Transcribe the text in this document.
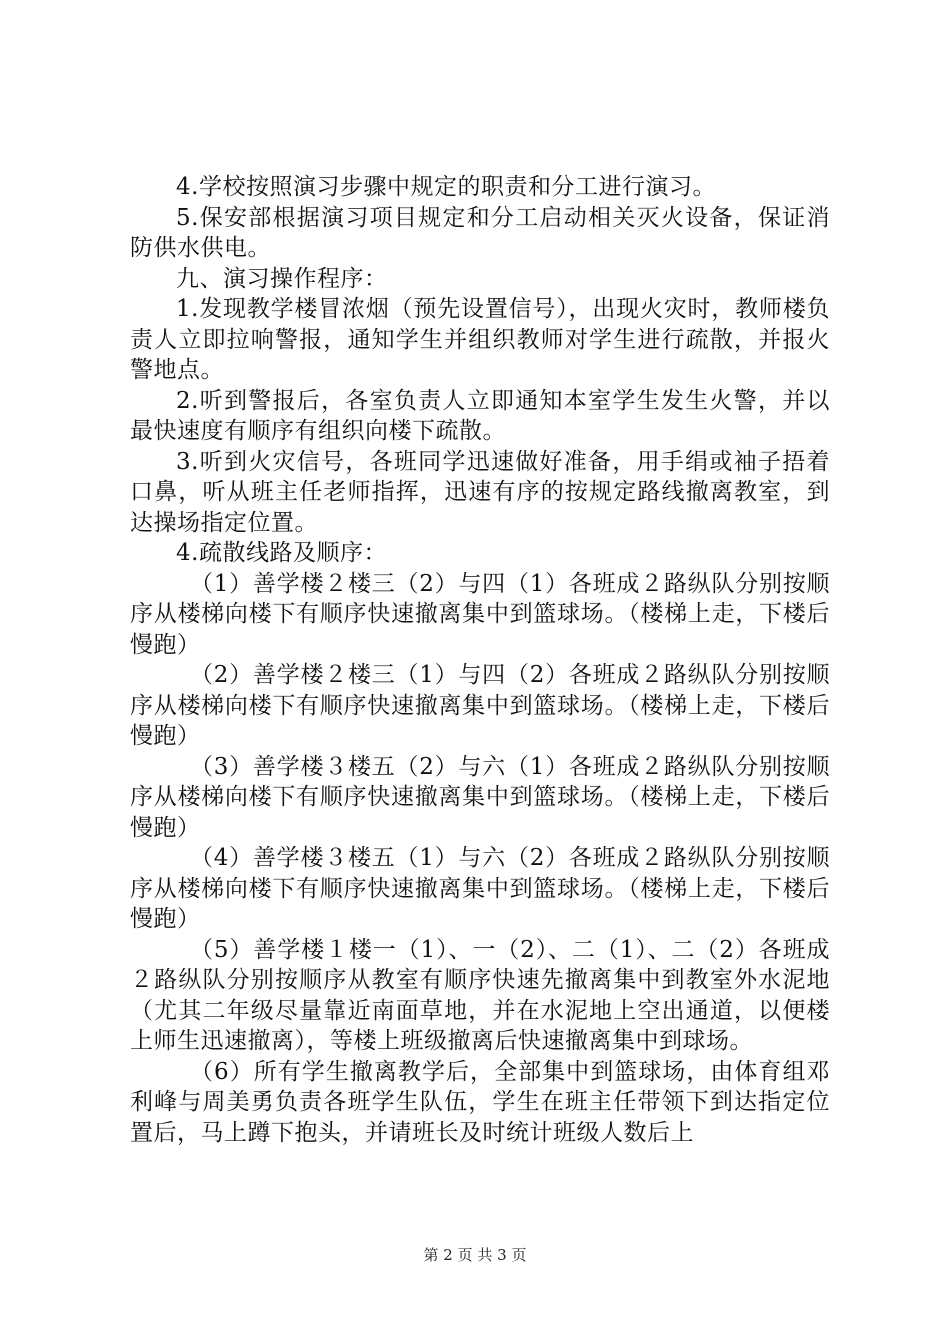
4.学校按照演习步骤中规定的职责和分工进行演习。

5.保安部根据演习项目规定和分工启动相关灭火设备，保证消防供水供电。

九、演习操作程序：

1.发现教学楼冒浓烟（预先设置信号），出现火灾时，教师楼负责人立即拉响警报，通知学生并组织教师对学生进行疏散，并报火警地点。

2.听到警报后，各室负责人立即通知本室学生发生火警，并以最快速度有顺序有组织向楼下疏散。

3.听到火灾信号，各班同学迅速做好准备，用手绢或袖子捂着口鼻，听从班主任老师指挥，迅速有序的按规定路线撤离教室，到达操场指定位置。

4.疏散线路及顺序：

（1）善学楼２楼三（2）与四（1）各班成２路纵队分别按顺序从楼梯向楼下有顺序快速撤离集中到篮球场。（楼梯上走，下楼后慢跑）

（2）善学楼２楼三（1）与四（2）各班成２路纵队分别按顺序从楼梯向楼下有顺序快速撤离集中到篮球场。（楼梯上走，下楼后慢跑）

（3）善学楼３楼五（2）与六（1）各班成２路纵队分别按顺序从楼梯向楼下有顺序快速撤离集中到篮球场。（楼梯上走，下楼后慢跑）

（4）善学楼３楼五（1）与六（2）各班成２路纵队分别按顺序从楼梯向楼下有顺序快速撤离集中到篮球场。（楼梯上走，下楼后慢跑）

（5）善学楼１楼一（1）、一（2）、二（1）、二（2）各班成２路纵队分别按顺序从教室有顺序快速先撤离集中到教室外水泥地（尤其二年级尽量靠近南面草地，并在水泥地上空出通道，以便楼上师生迅速撤离），等楼上班级撤离后快速撤离集中到球场。

（6）所有学生撤离教学后，全部集中到篮球场，由体育组邓利峰与周美勇负责各班学生队伍，学生在班主任带领下到达指定位置后，马上蹲下抱头，并请班长及时统计班级人数后上

第 2 页 共 3 页
